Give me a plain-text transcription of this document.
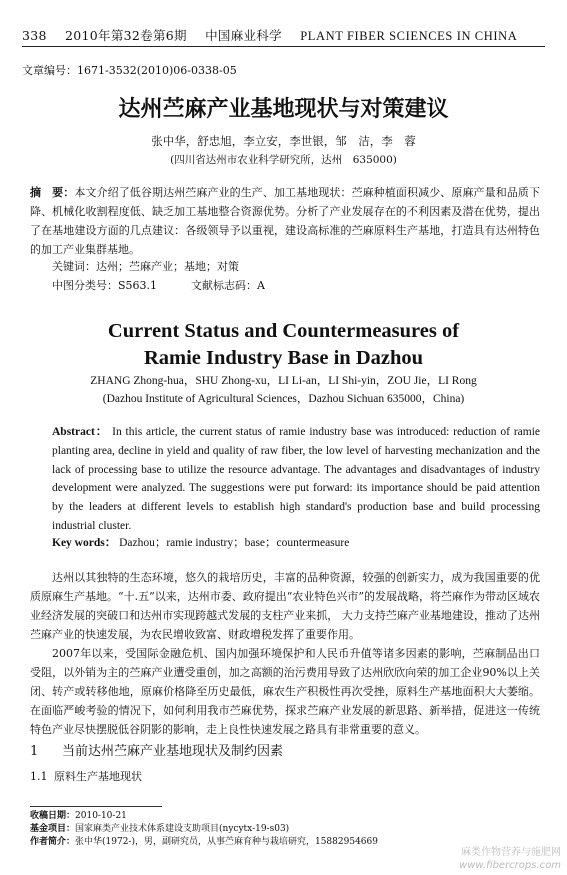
338 2010年第32卷第6期 中国麻业科学 PLANT FIBER SCIENCES IN CHINA
文章编号：1671-3532(2010)06-0338-05
达州苎麻产业基地现状与对策建议
张中华，舒忠旭，李立安，李世银，邹　洁，李　蓉
(四川省达州市农业科学研究所，达州　635000)
摘　要：本文介绍了低谷期达州苎麻产业的生产、加工基地现状：苎麻种植面积减少、原麻产量和品质下降、机械化收割程度低、缺乏加工基地整合资源优势。分析了产业发展存在的不利因素及潜在优势，提出了在基地建设方面的几点建议：各级领导予以重视，建设高标准的苎麻原料生产基地，打造具有达州特色的加工产业集群基地。
关键词：达州；苎麻产业；基地；对策
中图分类号：S563.1	文献标志码：A
Current Status and Countermeasures of
Ramie Industry Base in Dazhou
ZHANG Zhong-hua，SHU Zhong-xu，LI Li-an，LI Shi-yin，ZOU Jie，LI Rong
(Dazhou Institute of Agricultural Sciences，Dazhou Sichuan 635000，China)
Abstract： In this article, the current status of ramie industry base was introduced: reduction of ramie planting area, decline in yield and quality of raw fiber, the low level of harvesting mechanization and the lack of processing base to utilize the resource advantage. The advantages and disadvantages of industry development were analyzed. The suggestions were put forward: its importance should be paid attention by the leaders at different levels to establish high standard's production base and build processing industrial cluster.
Key words： Dazhou；ramie industry；base；countermeasure
达州以其独特的生态环境，悠久的栽培历史，丰富的品种资源，较强的创新实力，成为我国重要的优质原麻生产基地。“十.五”以来，达州市委、政府提出“农业特色兴市”的发展战略，将苎麻作为带动区域农业经济发展的突破口和达州市实现跨越式发展的支柱产业来抓， 大力支持苎麻产业基地建设，推动了达州苎麻产业的快速发展，为农民增收致富、财政增税发挥了重要作用。
2007年以来，受国际金融危机、国内加强环境保护和人民币升值等诸多因素的影响，苎麻制品出口受阻，以外销为主的苎麻产业遭受重创，加之高额的治污费用导致了达州欣欣向荣的加工企业90%以上关闭、转产或转移他地，原麻价格降至历史最低，麻农生产积极性再次受挫，原料生产基地面积大大萎缩。在面临严峻考验的情况下，如何利用我市苎麻优势，探求苎麻产业发展的新思路、新举措，促进这一传统特色产业尽快摆脱低谷阴影的影响，走上良性快速发展之路具有非常重要的意义。
1 当前达州苎麻产业基地现状及制约因素
1.1 原料生产基地现状
收稿日期：2010-10-21
基金项目：国家麻类产业技术体系建设支助项目(nycytx-19-s03)
作者简介：张中华(1972-)，男，副研究员，从事苎麻育种与栽培研究，15882954669
麻类作物营养与施肥网
www.fibercrops.com
